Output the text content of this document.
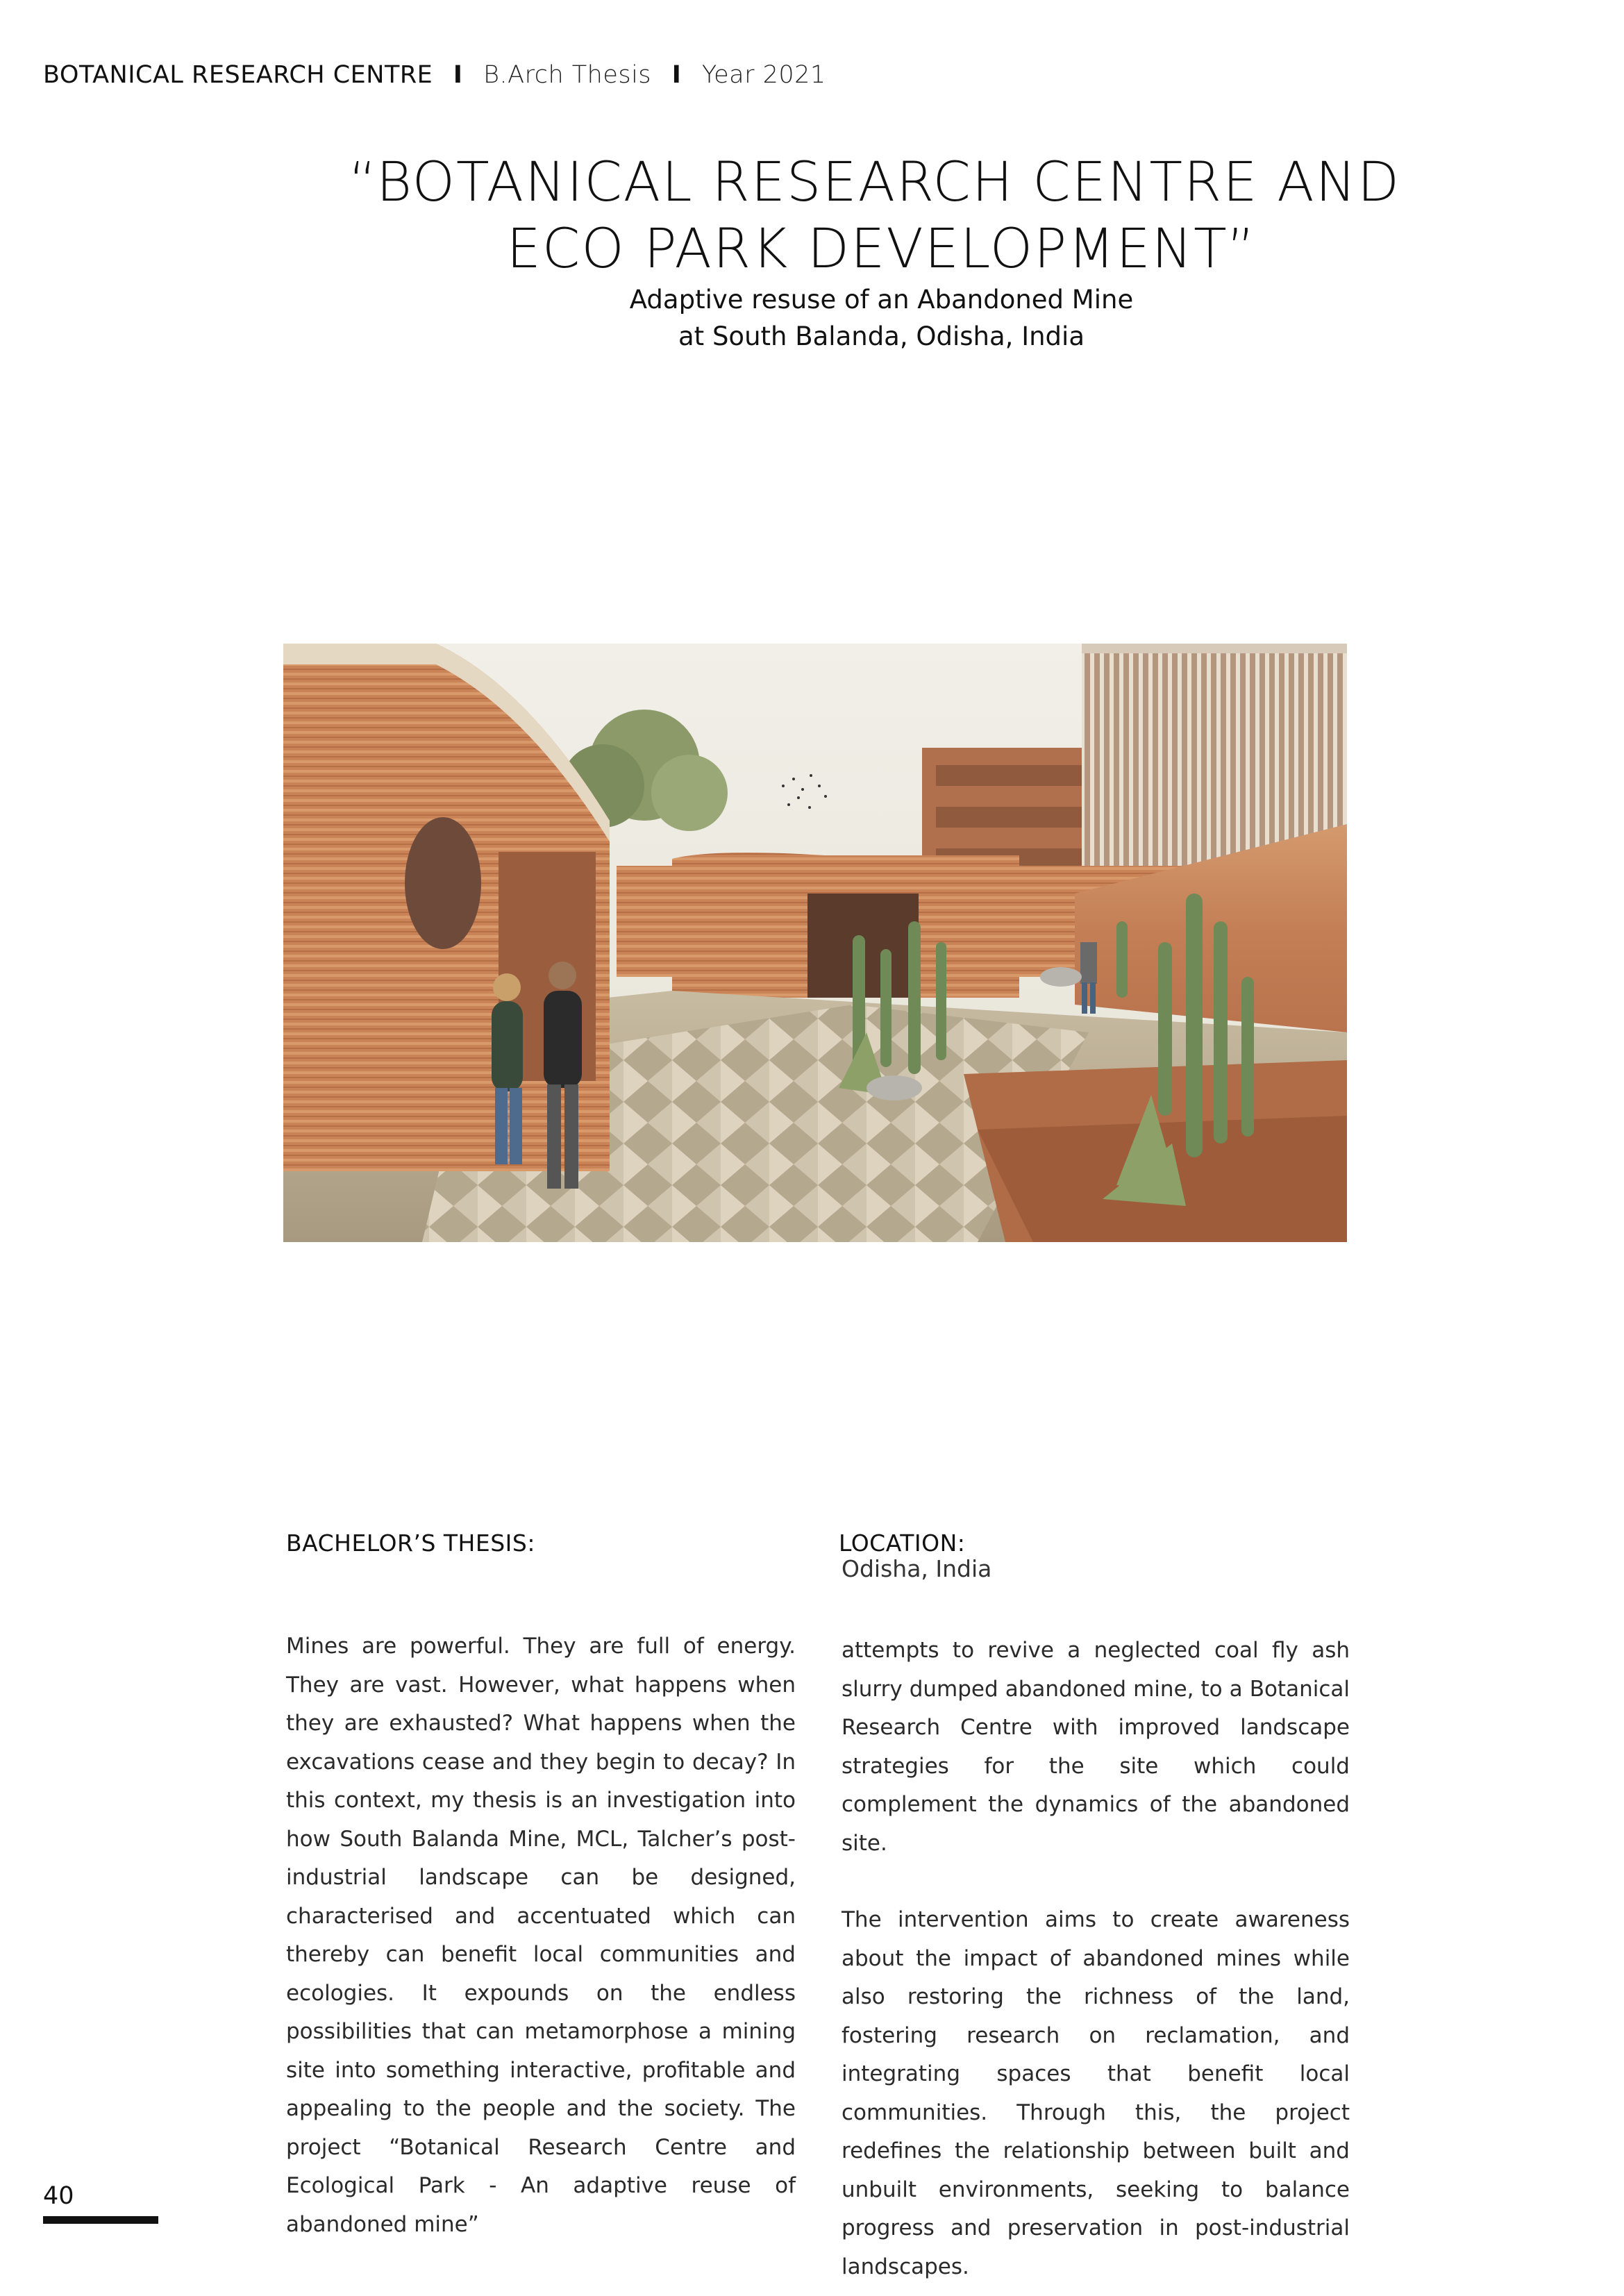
BOTANICAL RESEARCH CENTRE I B.Arch Thesis I Year 2021
“BOTANICAL RESEARCH CENTRE AND
ECO PARK DEVELOPMENT”
Adaptive resuse of an Abandoned Mine
at South Balanda, Odisha, India
BACHELOR’S THESIS:	LOCATION:
Odisha, India

Mines are powerful. They are full of energy. They are vast. However, what happens when they are exhausted? What happens when the excavations cease and they begin to decay? In this context, my thesis is an investigation into how South Balanda Mine, MCL, Talcher’s post-industrial landscape can be designed, characterised and accentuated which can thereby can benefit local communities and ecologies. It expounds on the endless possibilities that can metamorphose a mining site into something interactive, profitable and appealing to the people and the society. The project “Botanical Research Centre and Ecological Park - An adaptive reuse of abandoned mine”

attempts to revive a neglected coal fly ash slurry dumped abandoned mine, to a Botanical Research Centre with improved landscape strategies for the site which could complement the dynamics of the abandoned site.

The intervention aims to create awareness about the impact of abandoned mines while also restoring the richness of the land, fostering research on reclamation, and integrating spaces that benefit local communities. Through this, the project redefines the relationship between built and unbuilt environments, seeking to balance progress and preservation in post-industrial landscapes.

40
